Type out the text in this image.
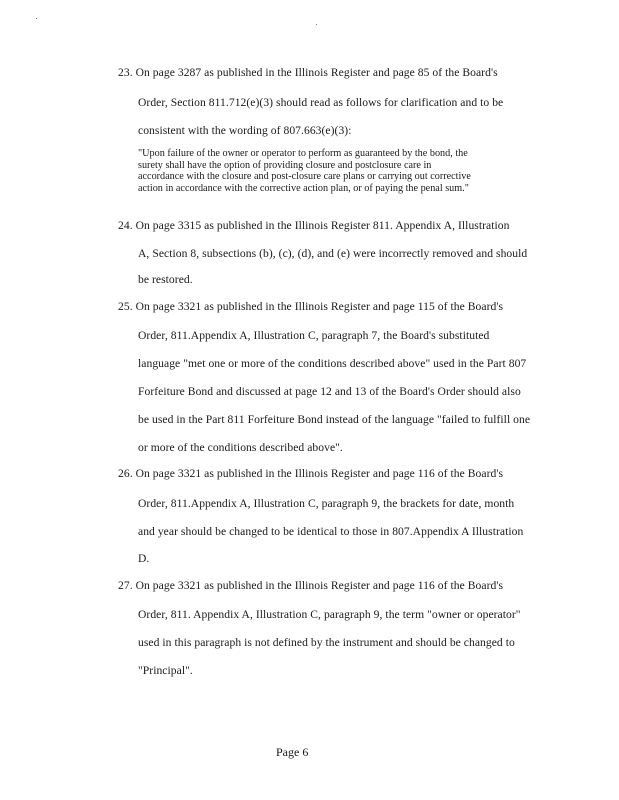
23. On page 3287 as published in the Illinois Register and page 85 of the Board's
Order, Section 811.712(e)(3) should read as follows for clarification and to be
consistent with the wording of 807.663(e)(3):
"Upon failure of the owner or operator to perform as guaranteed by the bond, the
surety shall have the option of providing closure and postclosure care in
accordance with the closure and post-closure care plans or carrying out corrective
action in accordance with the corrective action plan, or of paying the penal sum."
24. On page 3315 as published in the Illinois Register 811. Appendix A, Illustration
A, Section 8, subsections (b), (c), (d), and (e) were incorrectly removed and should
be restored.
25. On page 3321 as published in the Illinois Register and page 115 of the Board's
Order, 811.Appendix A, Illustration C, paragraph 7, the Board's substituted
language "met one or more of the conditions described above" used in the Part 807
Forfeiture Bond and discussed at page 12 and 13 of the Board's Order should also
be used in the Part 811 Forfeiture Bond instead of the language "failed to fulfill one
or more of the conditions described above".
26. On page 3321 as published in the Illinois Register and page 116 of the Board's
Order, 811.Appendix A, Illustration C, paragraph 9, the brackets for date, month
and year should be changed to be identical to those in 807.Appendix A Illustration
D.
27. On page 3321 as published in the Illinois Register and page 116 of the Board's
Order, 811. Appendix A, Illustration C, paragraph 9, the term "owner or operator"
used in this paragraph is not defined by the instrument and should be changed to
"Principal".
Page 6
